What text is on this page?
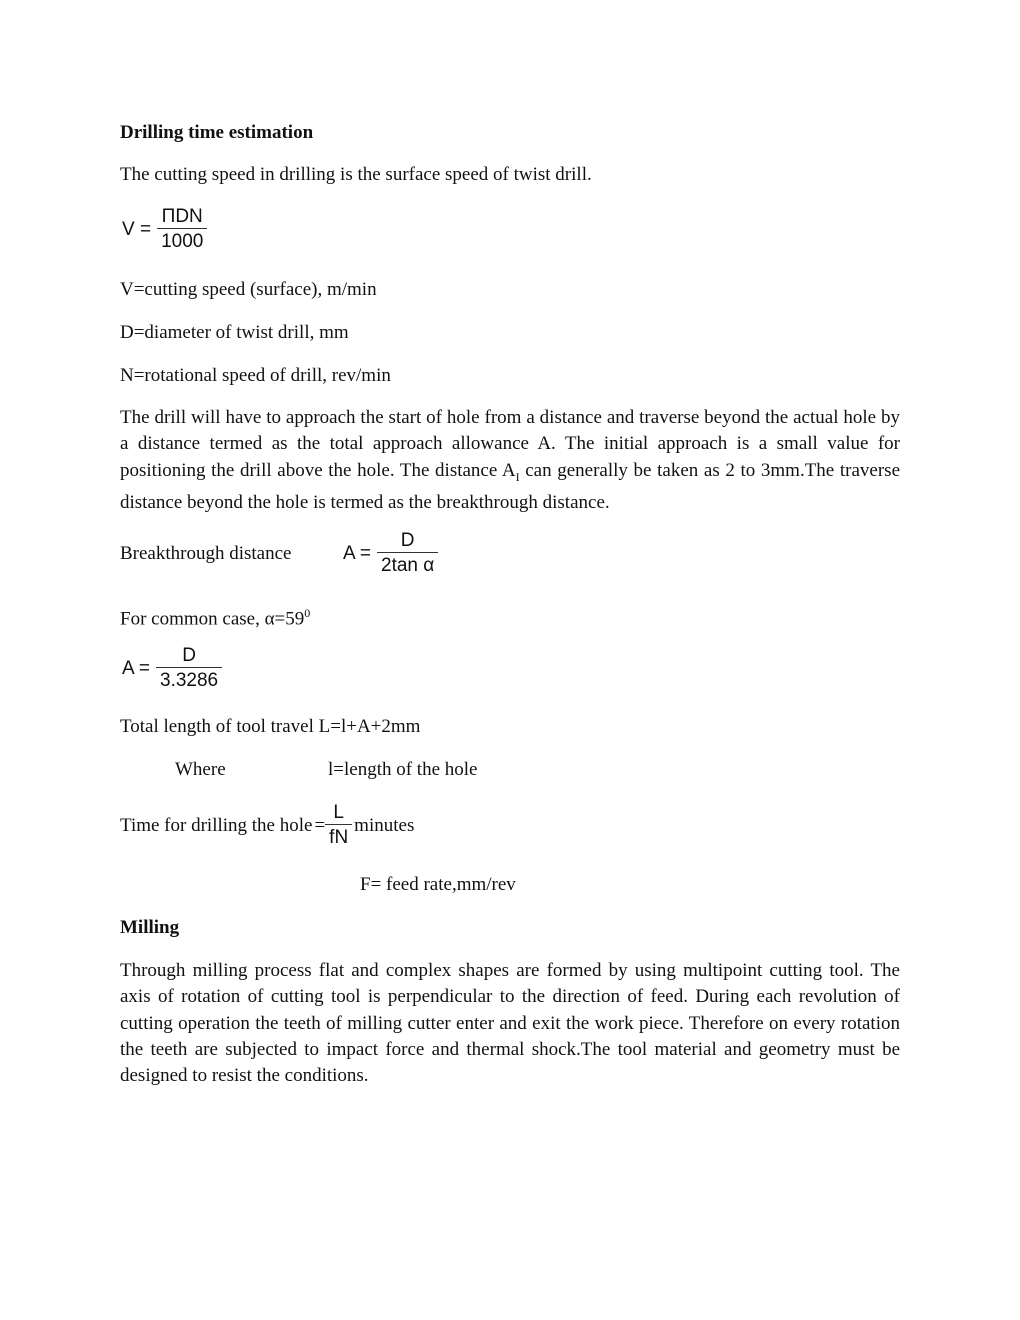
Drilling time estimation
The cutting speed in drilling is the surface speed of twist drill.
$V = \frac{\text{ΠDN}}{1000}$
V=cutting speed (surface), m/min
D=diameter of twist drill, mm
N=rotational speed of drill, rev/min
The drill will have to approach the start of hole from a distance and traverse beyond the actual hole by a distance termed as the total approach allowance A. The initial approach is a small value for positioning the drill above the hole. The distance $A_I$ can generally be taken as 2 to 3mm.The traverse distance beyond the hole is termed as the breakthrough distance.
Breakthrough distance	$A = \frac{D}{\text{2tan α}}$
For common case, $\alpha=59^0$
$A = \frac{D}{3.3286}$
Total length of tool travel L=l+A+2mm
Where	l=length of the hole
Time for drilling the hole = $\frac{L}{fN}$ minutes
F= feed rate,mm/rev
Milling
Through milling process flat and complex shapes are formed by using multipoint cutting tool. The axis of rotation of cutting tool is perpendicular to the direction of feed. During each revolution of cutting operation the teeth of milling cutter enter and exit the work piece. Therefore on every rotation the teeth are subjected to impact force and thermal shock.The tool material and geometry must be designed to resist the conditions.
